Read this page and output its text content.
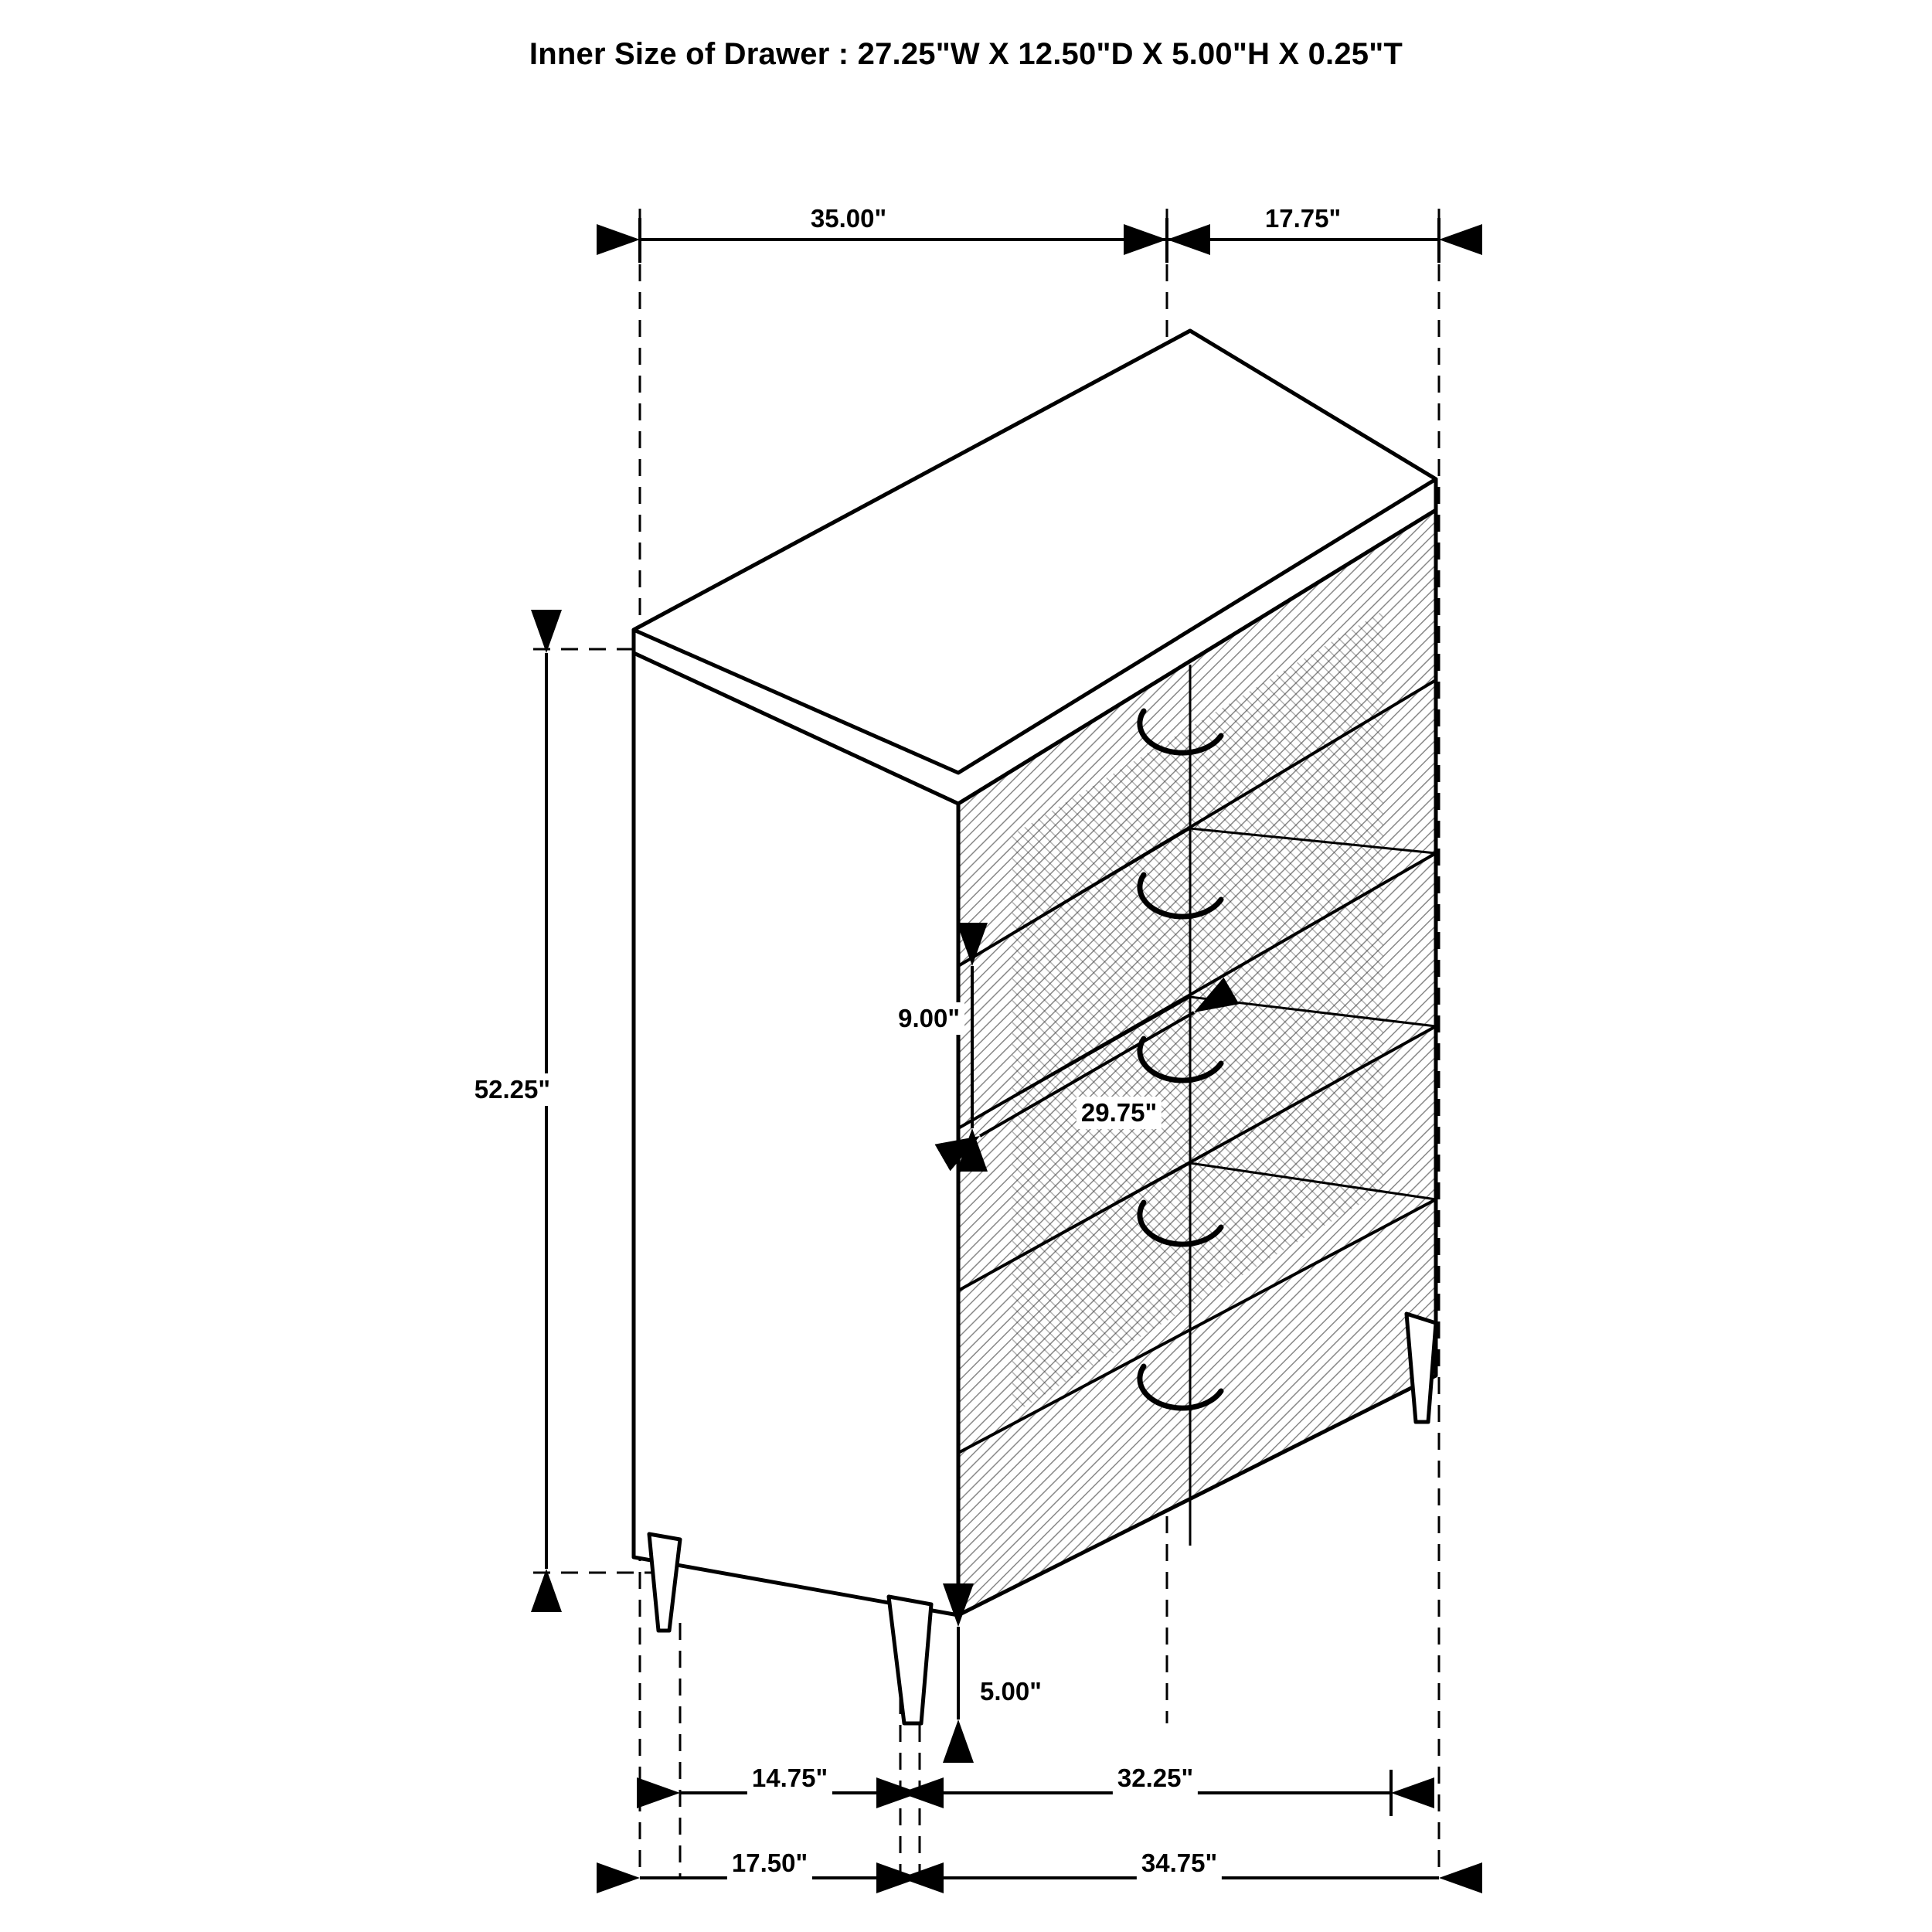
Inner Size of Drawer : 27.25"W X 12.50"D X 5.00"H X 0.25"T
35.00"	17.75"
52.25"
9.00"
29.75"
5.00"
14.75"	32.25"
17.50"	34.75"
